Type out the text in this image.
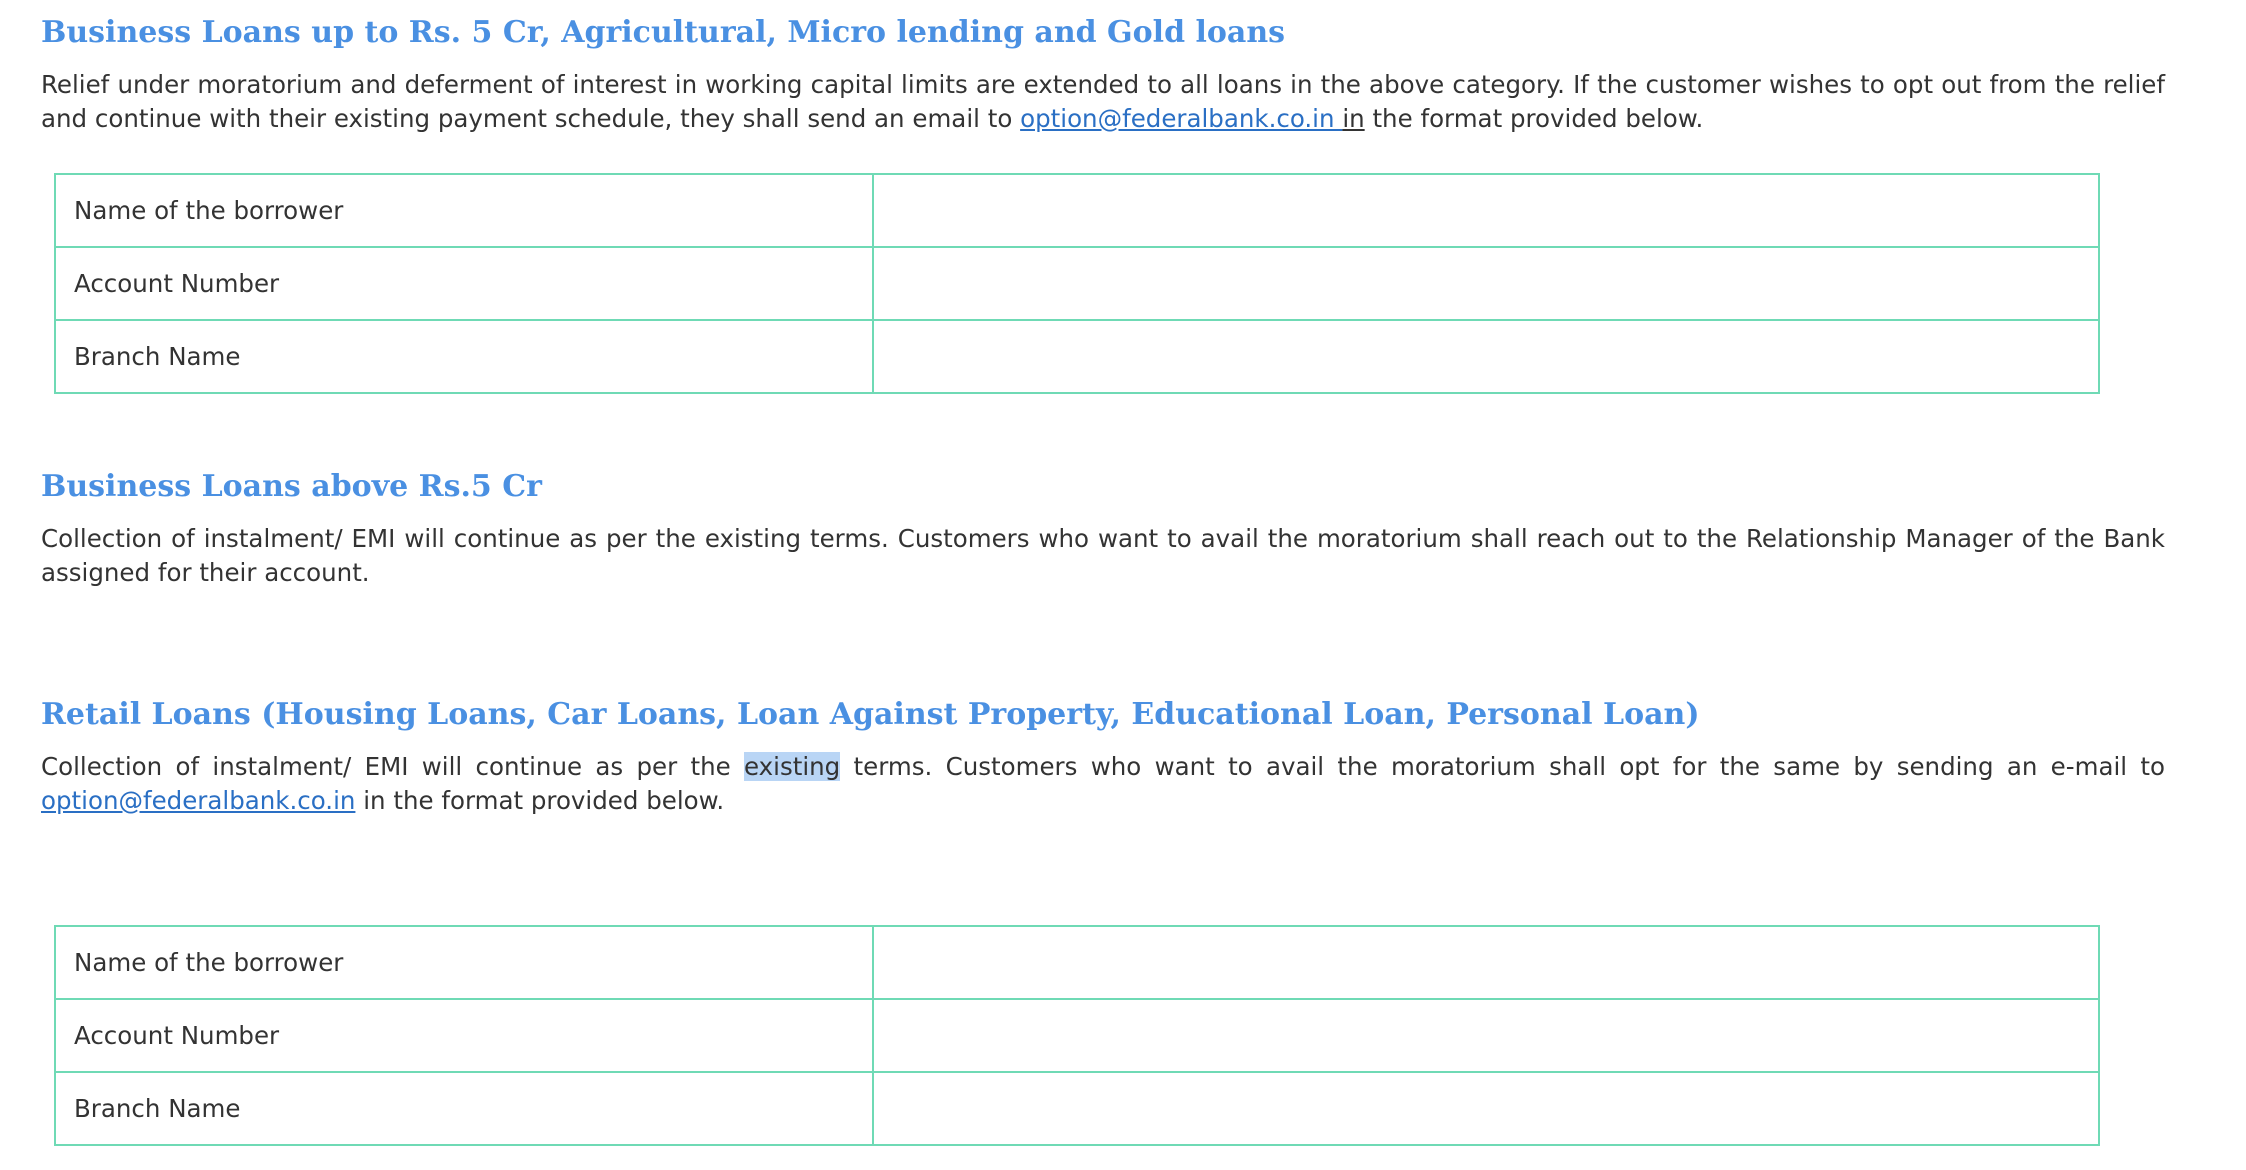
Business Loans up to Rs. 5 Cr, Agricultural, Micro lending and Gold loans

Relief under moratorium and deferment of interest in working capital limits are extended to all loans in the above category. If the customer wishes to opt out from the relief and continue with their existing payment schedule, they shall send an email to option@federalbank.co.in in the format provided below.

Name of the borrower	
Account Number	
Branch Name	
Business Loans above Rs.5 Cr

Collection of instalment/ EMI will continue as per the existing terms. Customers who want to avail the moratorium shall reach out to the Relationship Manager of the Bank assigned for their account.

Retail Loans (Housing Loans, Car Loans, Loan Against Property, Educational Loan, Personal Loan)

Collection of instalment/ EMI will continue as per the existing terms. Customers who want to avail the moratorium shall opt for the same by sending an e-mail to option@federalbank.co.in in the format provided below.

Name of the borrower	
Account Number	
Branch Name	
